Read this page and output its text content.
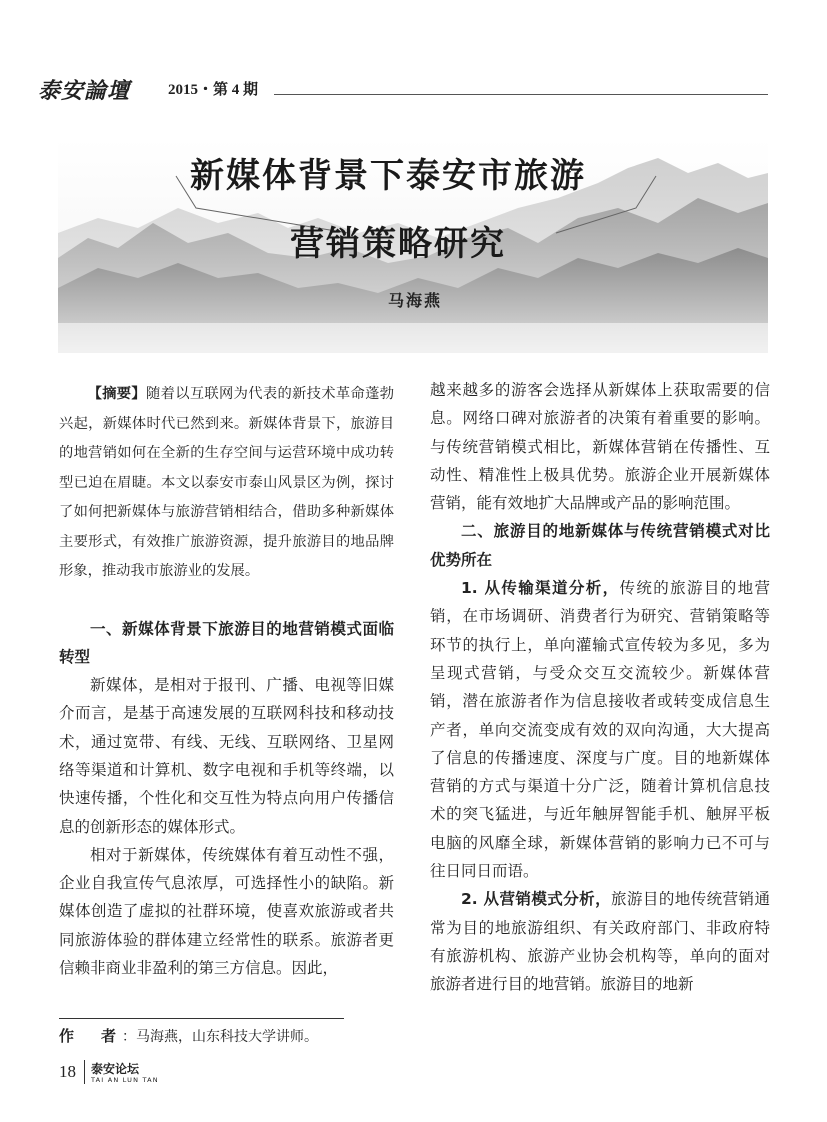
泰安論壇	2015・第 4 期
新媒体背景下泰安市旅游
营销策略研究
马海燕

【摘要】随着以互联网为代表的新技术革命蓬勃兴起，新媒体时代已然到来。新媒体背景下，旅游目的地营销如何在全新的生存空间与运营环境中成功转型已迫在眉睫。本文以泰安市泰山风景区为例，探讨了如何把新媒体与旅游营销相结合，借助多种新媒体主要形式，有效推广旅游资源，提升旅游目的地品牌形象，推动我市旅游业的发展。

一、新媒体背景下旅游目的地营销模式面临转型

新媒体，是相对于报刊、广播、电视等旧媒介而言，是基于高速发展的互联网科技和移动技术，通过宽带、有线、无线、互联网络、卫星网络等渠道和计算机、数字电视和手机等终端，以快速传播，个性化和交互性为特点向用户传播信息的创新形态的媒体形式。

相对于新媒体，传统媒体有着互动性不强，企业自我宣传气息浓厚，可选择性小的缺陷。新媒体创造了虚拟的社群环境，使喜欢旅游或者共同旅游体验的群体建立经常性的联系。旅游者更信赖非商业非盈利的第三方信息。因此，

越来越多的游客会选择从新媒体上获取需要的信息。网络口碑对旅游者的决策有着重要的影响。与传统营销模式相比，新媒体营销在传播性、互动性、精准性上极具优势。旅游企业开展新媒体营销，能有效地扩大品牌或产品的影响范围。

二、旅游目的地新媒体与传统营销模式对比优势所在

1. 从传输渠道分析，传统的旅游目的地营销，在市场调研、消费者行为研究、营销策略等环节的执行上，单向灌输式宣传较为多见，多为呈现式营销，与受众交互交流较少。新媒体营销，潜在旅游者作为信息接收者或转变成信息生产者，单向交流变成有效的双向沟通，大大提高了信息的传播速度、深度与广度。目的地新媒体营销的方式与渠道十分广泛，随着计算机信息技术的突飞猛进，与近年触屏智能手机、触屏平板电脑的风靡全球，新媒体营销的影响力已不可与往日同日而语。

2. 从营销模式分析，旅游目的地传统营销通常为目的地旅游组织、有关政府部门、非政府特有旅游机构、旅游产业协会机构等，单向的面对旅游者进行目的地营销。旅游目的地新

作　者：马海燕，山东科技大学讲师。
18 泰安论坛
TAI AN LUN TAN
